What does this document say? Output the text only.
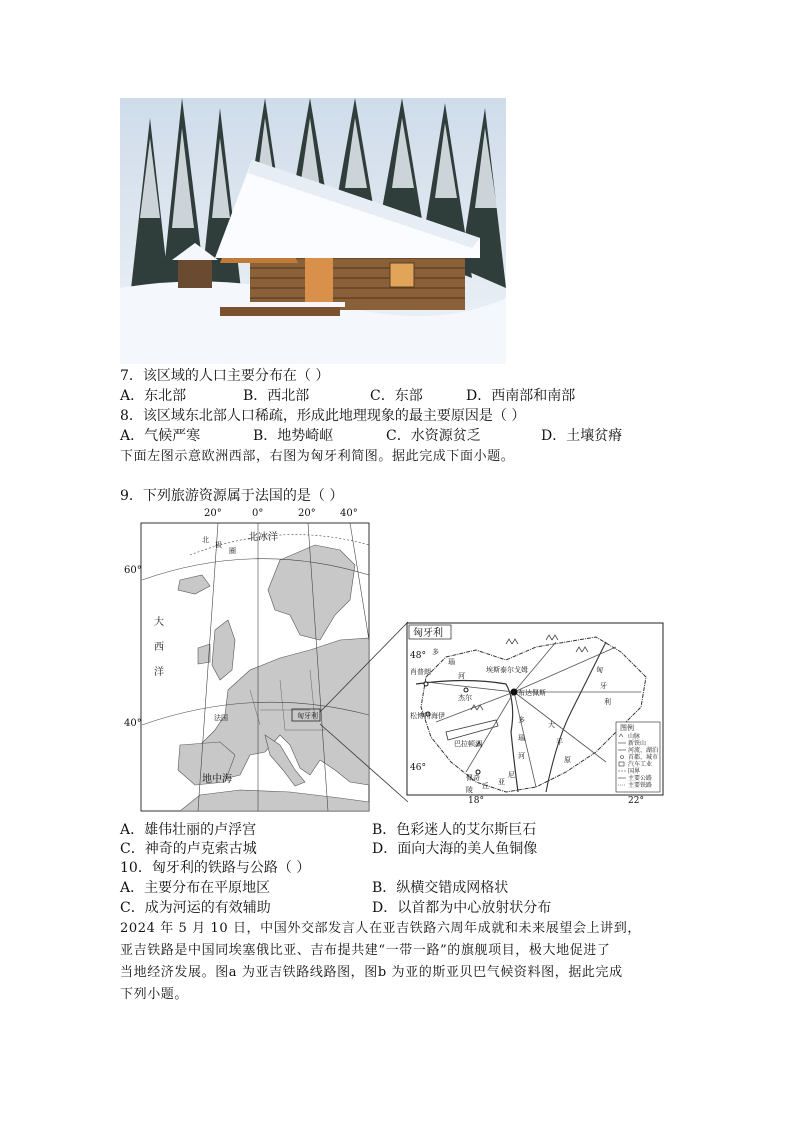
7．该区域的人口主要分布在（ ）
A．东北部	B．西北部	C．东部	D．西南部和南部
8．该区域东北部人口稀疏，形成此地理现象的最主要原因是（ ）
A．气候严寒	B．地势崎岖	C．水资源贫乏	D．土壤贫瘠
下面左图示意欧洲西部，右图为匈牙利简图。据此完成下面小题。
9．下列旅游资源属于法国的是（ ）
北冰洋
北
极
圈
大
西
洋
法国	匈牙利
地中海
20°	0°	20° 40°
60°
40°
匈牙利
多
瑙
河
肖普朗
杰尔
埃斯泰尔戈姆
布达佩斯
松博特海伊
巴拉顿湖
佩奇
多
瑙
河
大
平
原
匈
牙
利
陵 丘 亚
尼
图例
山脉
新铁山
河流、湖泊
首都、城市
汽车工业
国界
主要公路
主要铁路
48°
46°
18°	22°
A．雄伟壮丽的卢浮宫	B．色彩迷人的艾尔斯巨石
C．神奇的卢克索古城	D．面向大海的美人鱼铜像
10．匈牙利的铁路与公路（ ）
A．主要分布在平原地区	B．纵横交错成网格状
C．成为河运的有效辅助	D．以首都为中心放射状分布
2024 年 5 月 10 日，中国外交部发言人在亚吉铁路六周年成就和未来展望会上讲到，
亚吉铁路是中国同埃塞俄比亚、吉布提共建“一带一路”的旗舰项目，极大地促进了
当地经济发展。图a 为亚吉铁路线路图，图b 为亚的斯亚贝巴气候资料图，据此完成
下列小题。
